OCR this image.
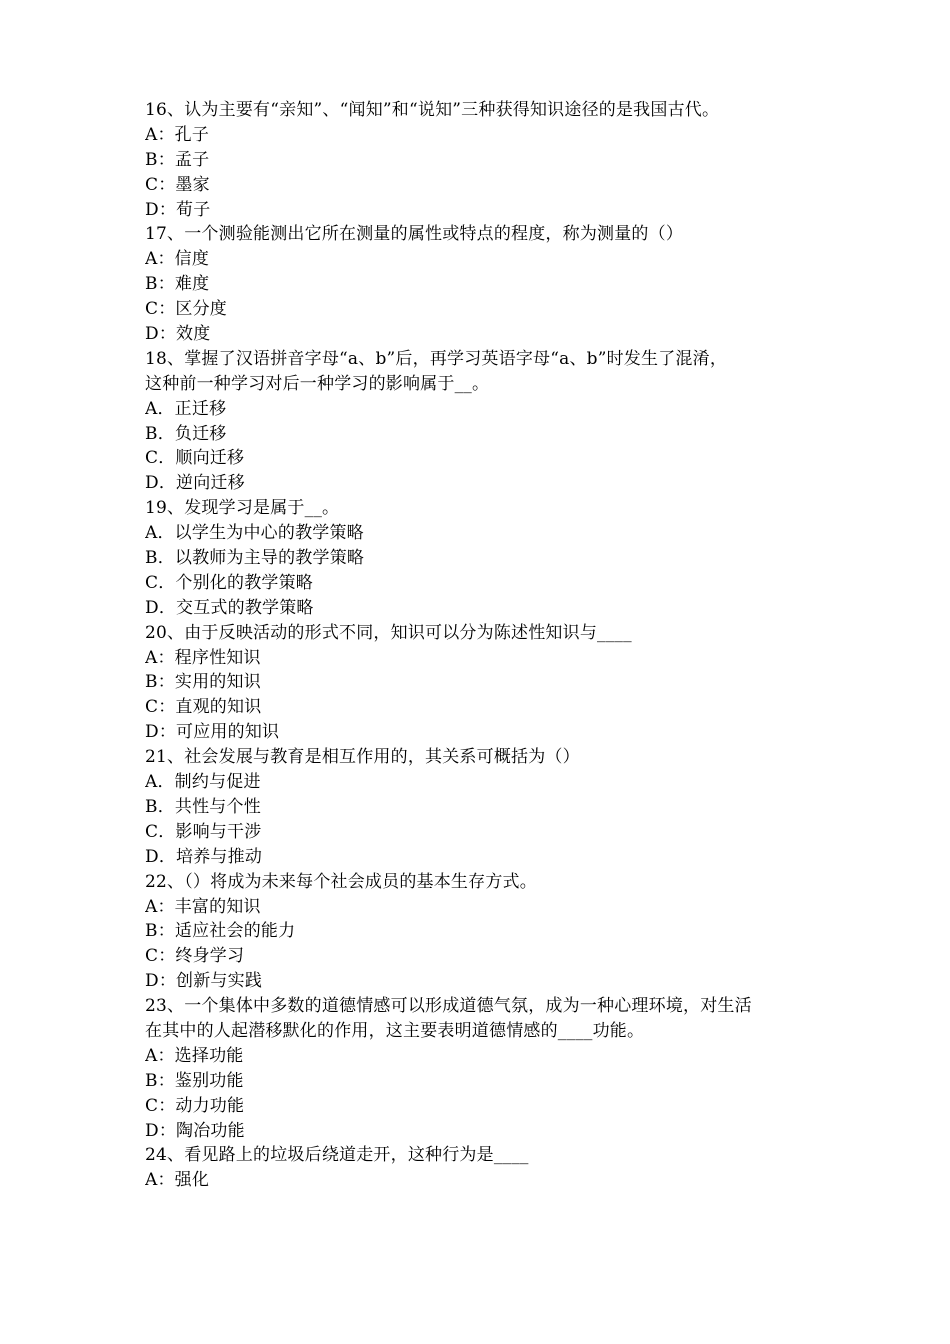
16、认为主要有“亲知”、“闻知”和“说知”三种获得知识途径的是我国古代。
A：孔子
B：孟子
C：墨家
D：荀子
17、一个测验能测出它所在测量的属性或特点的程度，称为测量的（）
A：信度
B：难度
C：区分度
D：效度
18、掌握了汉语拼音字母“a、b”后，再学习英语字母“a、b”时发生了混淆，
这种前一种学习对后一种学习的影响属于__。
A．正迁移
B．负迁移
C．顺向迁移
D．逆向迁移
19、发现学习是属于__。
A．以学生为中心的教学策略
B．以教师为主导的教学策略
C．个别化的教学策略
D．交互式的教学策略
20、由于反映活动的形式不同，知识可以分为陈述性知识与____
A：程序性知识
B：实用的知识
C：直观的知识
D：可应用的知识
21、社会发展与教育是相互作用的，其关系可概括为（）
A．制约与促进
B．共性与个性
C．影响与干涉
D．培养与推动
22、（）将成为未来每个社会成员的基本生存方式。
A：丰富的知识
B：适应社会的能力
C：终身学习
D：创新与实践
23、一个集体中多数的道德情感可以形成道德气氛，成为一种心理环境，对生活
在其中的人起潜移默化的作用，这主要表明道德情感的____功能。
A：选择功能
B：鉴别功能
C：动力功能
D：陶冶功能
24、看见路上的垃圾后绕道走开，这种行为是____
A：强化
